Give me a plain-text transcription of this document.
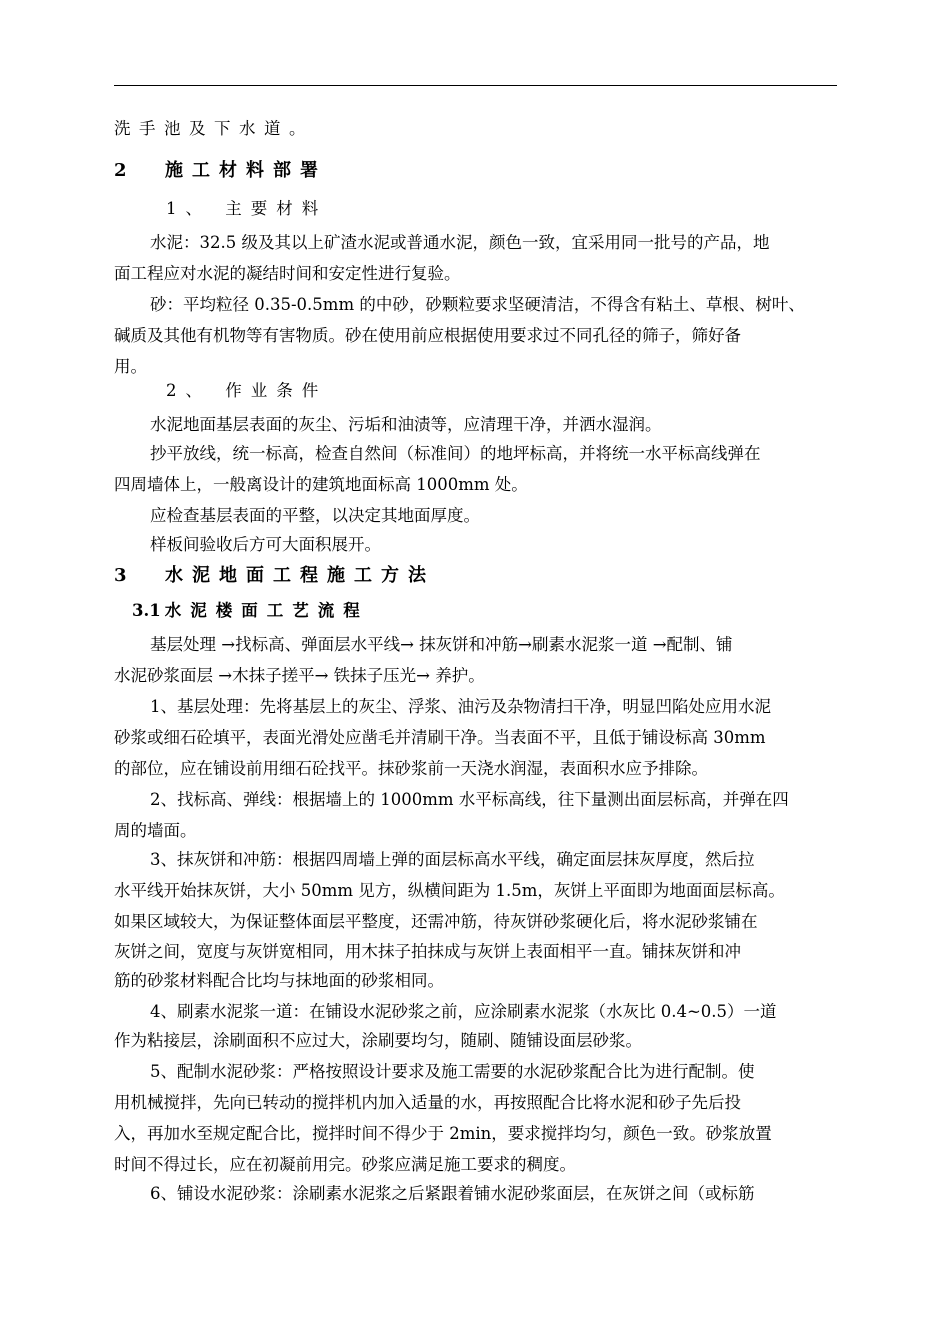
洗手池及下水道。
2 施工材料部署
1、 主要材料
水泥：32.5 级及其以上矿渣水泥或普通水泥，颜色一致，宜采用同一批号的产品，地
面工程应对水泥的凝结时间和安定性进行复验。
砂：平均粒径 0.35-0.5mm 的中砂，砂颗粒要求坚硬清洁，不得含有粘土、草根、树叶、
碱质及其他有机物等有害物质。砂在使用前应根据使用要求过不同孔径的筛子，筛好备
用。
2、 作业条件
水泥地面基层表面的灰尘、污垢和油渍等，应清理干净，并洒水湿润。
抄平放线，统一标高，检查自然间（标准间）的地坪标高，并将统一水平标高线弹在
四周墙体上，一般离设计的建筑地面标高 1000mm 处。
应检查基层表面的平整，以决定其地面厚度。
样板间验收后方可大面积展开。
3 水泥地面工程施工方法
3.1 水泥楼面工艺流程
基层处理 →找标高、弹面层水平线→ 抹灰饼和冲筋→刷素水泥浆一道 →配制、铺
水泥砂浆面层 →木抹子搓平→ 铁抹子压光→ 养护。
1、基层处理：先将基层上的灰尘、浮浆、油污及杂物清扫干净，明显凹陷处应用水泥
砂浆或细石砼填平，表面光滑处应凿毛并清刷干净。当表面不平，且低于铺设标高 30mm
的部位，应在铺设前用细石砼找平。抹砂浆前一天浇水润湿，表面积水应予排除。
2、找标高、弹线：根据墙上的 1000mm 水平标高线，往下量测出面层标高，并弹在四
周的墙面。
3、抹灰饼和冲筋：根据四周墙上弹的面层标高水平线，确定面层抹灰厚度，然后拉
水平线开始抹灰饼，大小 50mm 见方，纵横间距为 1.5m，灰饼上平面即为地面面层标高。
如果区域较大，为保证整体面层平整度，还需冲筋，待灰饼砂浆硬化后，将水泥砂浆铺在
灰饼之间，宽度与灰饼宽相同，用木抹子拍抹成与灰饼上表面相平一直。铺抹灰饼和冲
筋的砂浆材料配合比均与抹地面的砂浆相同。
4、刷素水泥浆一道：在铺设水泥砂浆之前，应涂刷素水泥浆（水灰比 0.4~0.5）一道
作为粘接层，涂刷面积不应过大，涂刷要均匀，随刷、随铺设面层砂浆。
5、配制水泥砂浆：严格按照设计要求及施工需要的水泥砂浆配合比为进行配制。使
用机械搅拌，先向已转动的搅拌机内加入适量的水，再按照配合比将水泥和砂子先后投
入，再加水至规定配合比，搅拌时间不得少于 2min，要求搅拌均匀，颜色一致。砂浆放置
时间不得过长，应在初凝前用完。砂浆应满足施工要求的稠度。
6、铺设水泥砂浆：涂刷素水泥浆之后紧跟着铺水泥砂浆面层，在灰饼之间（或标筋
